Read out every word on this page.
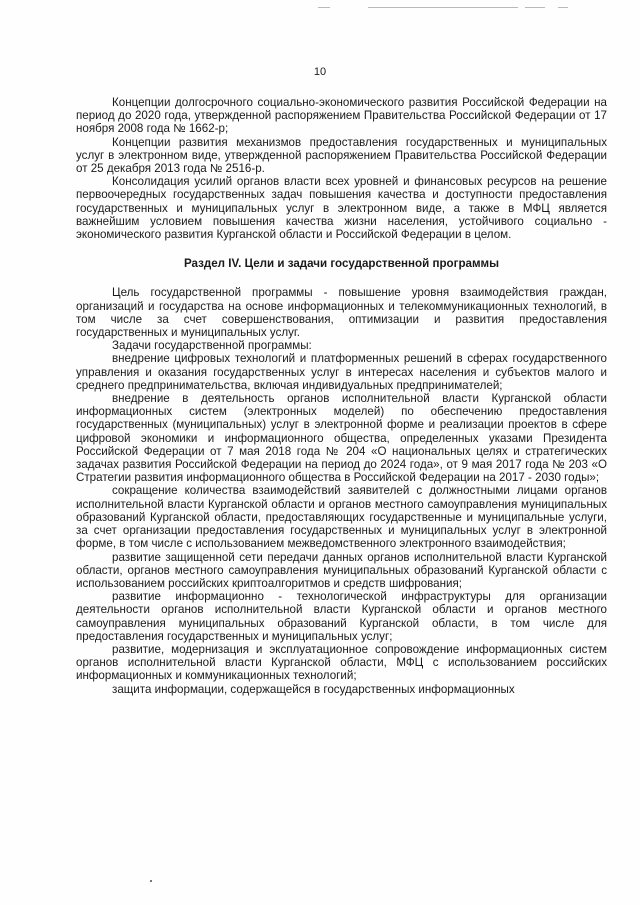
10

Концепции долгосрочного социально-экономического развития Российской Федерации на период до 2020 года, утвержденной распоряжением Правительства Российской Федерации от 17 ноября 2008 года № 1662-р;

Концепции развития механизмов предоставления государственных и муниципальных услуг в электронном виде, утвержденной распоряжением Правительства Российской Федерации от 25 декабря 2013 года № 2516-р.

Консолидация усилий органов власти всех уровней и финансовых ресурсов на решение первоочередных государственных задач повышения качества и доступности предоставления государственных и муниципальных услуг в электронном виде, а также в МФЦ является важнейшим условием повышения качества жизни населения, устойчивого социально - экономического развития Курганской области и Российской Федерации в целом.

Раздел IV. Цели и задачи государственной программы

Цель государственной программы - повышение уровня взаимодействия граждан, организаций и государства на основе информационных и телекоммуникационных технологий, в том числе за счет совершенствования, оптимизации и развития предоставления государственных и муниципальных услуг.

Задачи государственной программы:

внедрение цифровых технологий и платформенных решений в сферах государственного управления и оказания государственных услуг в интересах населения и субъектов малого и среднего предпринимательства, включая индивидуальных предпринимателей;

внедрение в деятельность органов исполнительной власти Курганской области информационных систем (электронных моделей) по обеспечению предоставления государственных (муниципальных) услуг в электронной форме и реализации проектов в сфере цифровой экономики и информационного общества, определенных указами Президента Российской Федерации от 7 мая 2018 года № 204 «О национальных целях и стратегических задачах развития Российской Федерации на период до 2024 года», от 9 мая 2017 года № 203 «О Стратегии развития информационного общества в Российской Федерации на 2017 - 2030 годы»;

сокращение количества взаимодействий заявителей с должностными лицами органов исполнительной власти Курганской области и органов местного самоуправления муниципальных образований Курганской области, предоставляющих государственные и муниципальные услуги, за счет организации предоставления государственных и муниципальных услуг в электронной форме, в том числе с использованием межведомственного электронного взаимодействия;

развитие защищенной сети передачи данных органов исполнительной власти Курганской области, органов местного самоуправления муниципальных образований Курганской области с использованием российских криптоалгоритмов и средств шифрования;

развитие информационно - технологической инфраструктуры для организации деятельности органов исполнительной власти Курганской области и органов местного самоуправления муниципальных образований Курганской области, в том числе для предоставления государственных и муниципальных услуг;

развитие, модернизация и эксплуатационное сопровождение информационных систем органов исполнительной власти Курганской области, МФЦ с использованием российских информационных и коммуникационных технологий;

защита информации, содержащейся в государственных информационных
